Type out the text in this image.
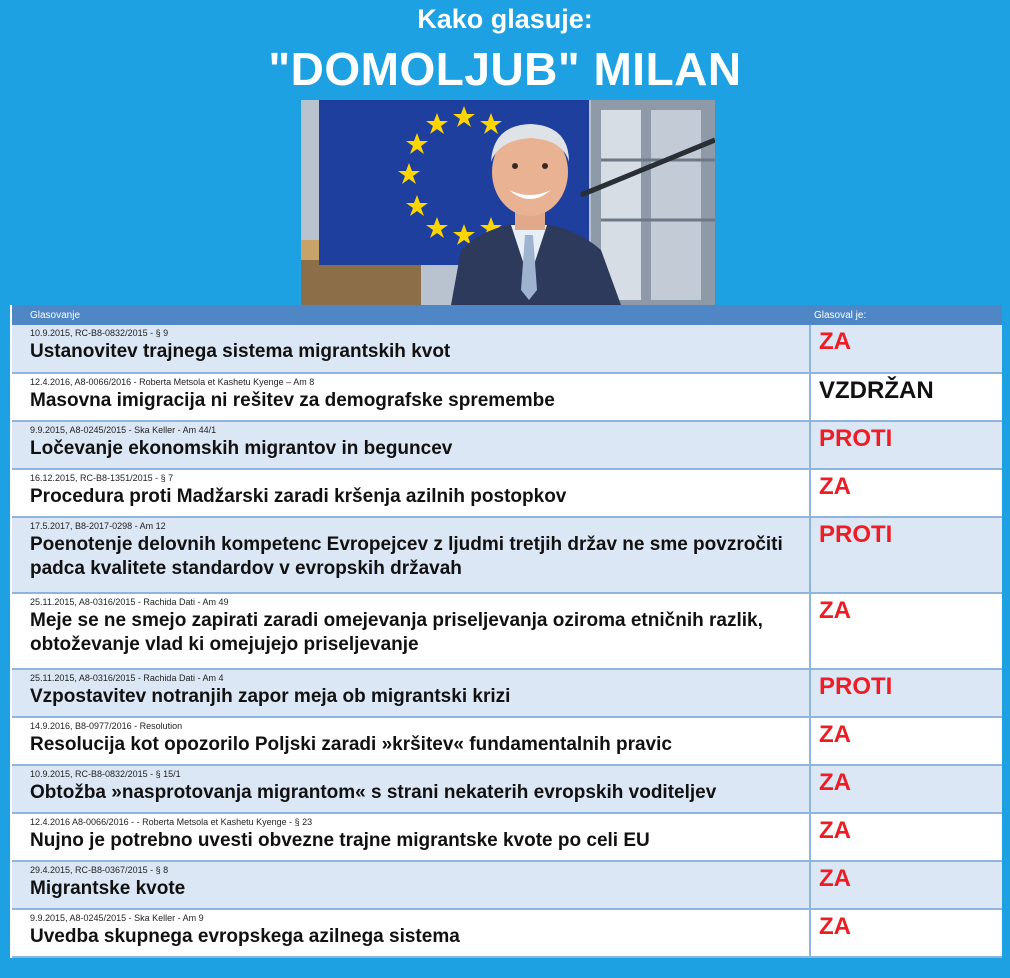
Kako glasuje:
"DOMOLJUB" MILAN
Glasovanje	Glasoval je:

10.9.2015, RC-B8-0832/2015 - § 9
Ustanovitev trajnega sistema migrantskih kvot	ZA

12.4.2016, A8-0066/2016 - Roberta Metsola et Kashetu Kyenge – Am 8
Masovna imigracija ni rešitev za demografske spremembe	VZDRŽAN

9.9.2015, A8-0245/2015 - Ska Keller - Am 44/1
Ločevanje ekonomskih migrantov in beguncev	PROTI

16.12.2015, RC-B8-1351/2015 - § 7
Procedura proti Madžarski zaradi kršenja azilnih postopkov	ZA

17.5.2017, B8-2017-0298 - Am 12
Poenotenje delovnih kompetenc Evropejcev z ljudmi tretjih držav ne sme povzročiti padca kvalitete standardov v evropskih državah	PROTI

25.11.2015, A8-0316/2015 - Rachida Dati - Am 49
Meje se ne smejo zapirati zaradi omejevanja priseljevanja oziroma etničnih razlik, obtoževanje vlad ki omejujejo priseljevanje	ZA

25.11.2015, A8-0316/2015 - Rachida Dati - Am 4
Vzpostavitev notranjih zapor meja ob migrantski krizi	PROTI

14.9.2016, B8-0977/2016 - Resolution
Resolucija kot opozorilo Poljski zaradi »kršitev« fundamentalnih pravic	ZA

10.9.2015, RC-B8-0832/2015 - § 15/1
Obtožba »nasprotovanja migrantom« s strani nekaterih evropskih voditeljev	ZA

12.4.2016 A8-0066/2016 - - Roberta Metsola et Kashetu Kyenge - § 23
Nujno je potrebno uvesti obvezne trajne migrantske kvote po celi EU	ZA

29.4.2015, RC-B8-0367/2015 - § 8
Migrantske kvote	ZA

9.9.2015, A8-0245/2015 - Ska Keller - Am 9
Uvedba skupnega evropskega azilnega sistema	ZA
